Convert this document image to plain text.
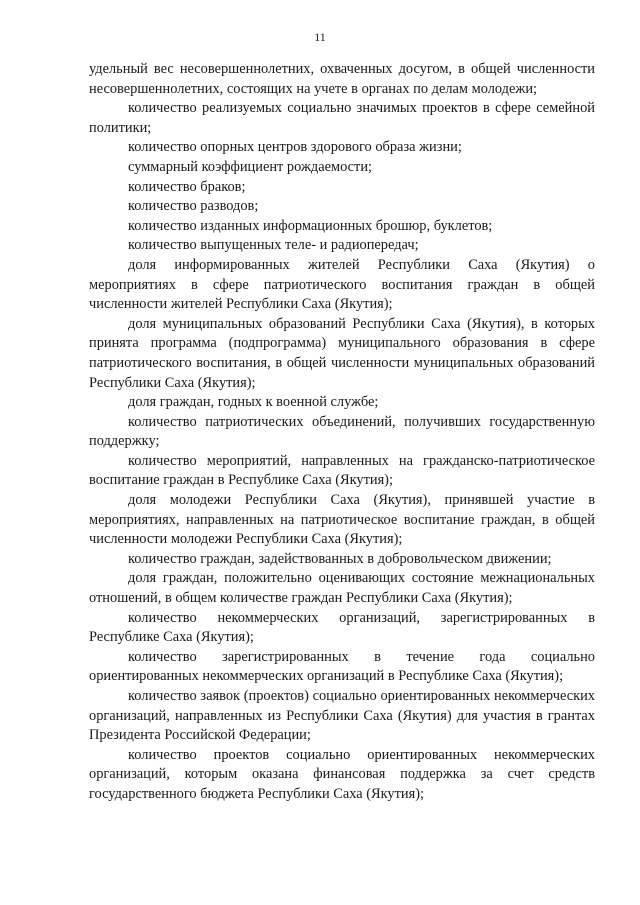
11

удельный вес несовершеннолетних, охваченных досугом, в общей численности несовершеннолетних, состоящих на учете в органах по делам молодежи;

количество реализуемых социально значимых проектов в сфере семейной политики;

количество опорных центров здорового образа жизни;

суммарный коэффициент рождаемости;

количество браков;

количество разводов;

количество изданных информационных брошюр, буклетов;

количество выпущенных теле- и радиопередач;

доля информированных жителей Республики Саха (Якутия) о мероприятиях в сфере патриотического воспитания граждан в общей численности жителей Республики Саха (Якутия);

доля муниципальных образований Республики Саха (Якутия), в которых принята программа (подпрограмма) муниципального образования в сфере патриотического воспитания, в общей численности муниципальных образований Республики Саха (Якутия);

доля граждан, годных к военной службе;

количество патриотических объединений, получивших государственную поддержку;

количество мероприятий, направленных на гражданско-патриотическое воспитание граждан в Республике Саха (Якутия);

доля молодежи Республики Саха (Якутия), принявшей участие в мероприятиях, направленных на патриотическое воспитание граждан, в общей численности молодежи Республики Саха (Якутия);

количество граждан, задействованных в добровольческом движении;

доля граждан, положительно оценивающих состояние межнациональных отношений, в общем количестве граждан Республики Саха (Якутия);

количество некоммерческих организаций, зарегистрированных в Республике Саха (Якутия);

количество зарегистрированных в течение года социально ориентированных некоммерческих организаций в Республике Саха (Якутия);

количество заявок (проектов) социально ориентированных некоммерческих организаций, направленных из Республики Саха (Якутия) для участия в грантах Президента Российской Федерации;

количество проектов социально ориентированных некоммерческих организаций, которым оказана финансовая поддержка за счет средств государственного бюджета Республики Саха (Якутия);
